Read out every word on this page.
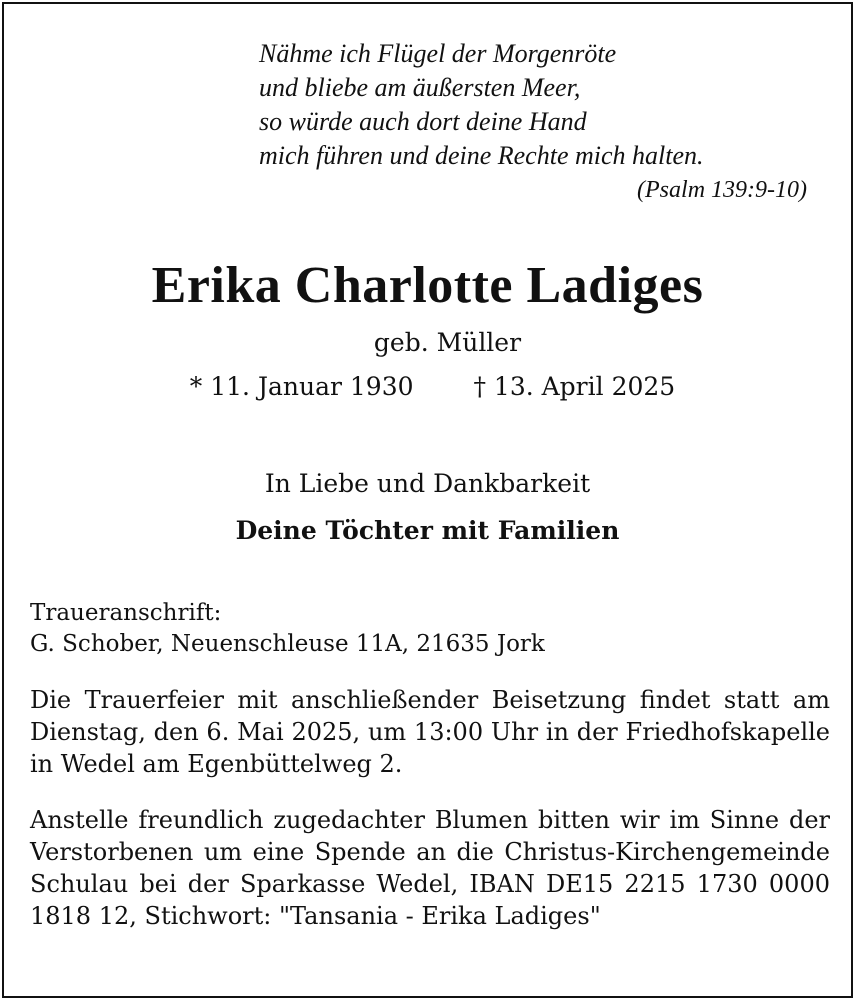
Nähme ich Flügel der Morgenröte
und bliebe am äußersten Meer,
so würde auch dort deine Hand
mich führen und deine Rechte mich halten.
(Psalm 139:9-10)
Erika Charlotte Ladiges
geb. Müller
* 11. Januar 1930 † 13. April 2025
In Liebe und Dankbarkeit
Deine Töchter mit Familien
Traueranschrift:
G. Schober, Neuenschleuse 11A, 21635 Jork
Die Trauerfeier mit anschließender Beisetzung findet statt am Dienstag, den 6. Mai 2025, um 13:00 Uhr in der Friedhofskapelle in Wedel am Egenbüttelweg 2.
Anstelle freundlich zugedachter Blumen bitten wir im Sinne der Verstorbenen um eine Spende an die Christus-Kirchengemeinde Schulau bei der Sparkasse Wedel, IBAN DE15 2215 1730 0000 1818 12, Stichwort: "Tansania - Erika Ladiges"
